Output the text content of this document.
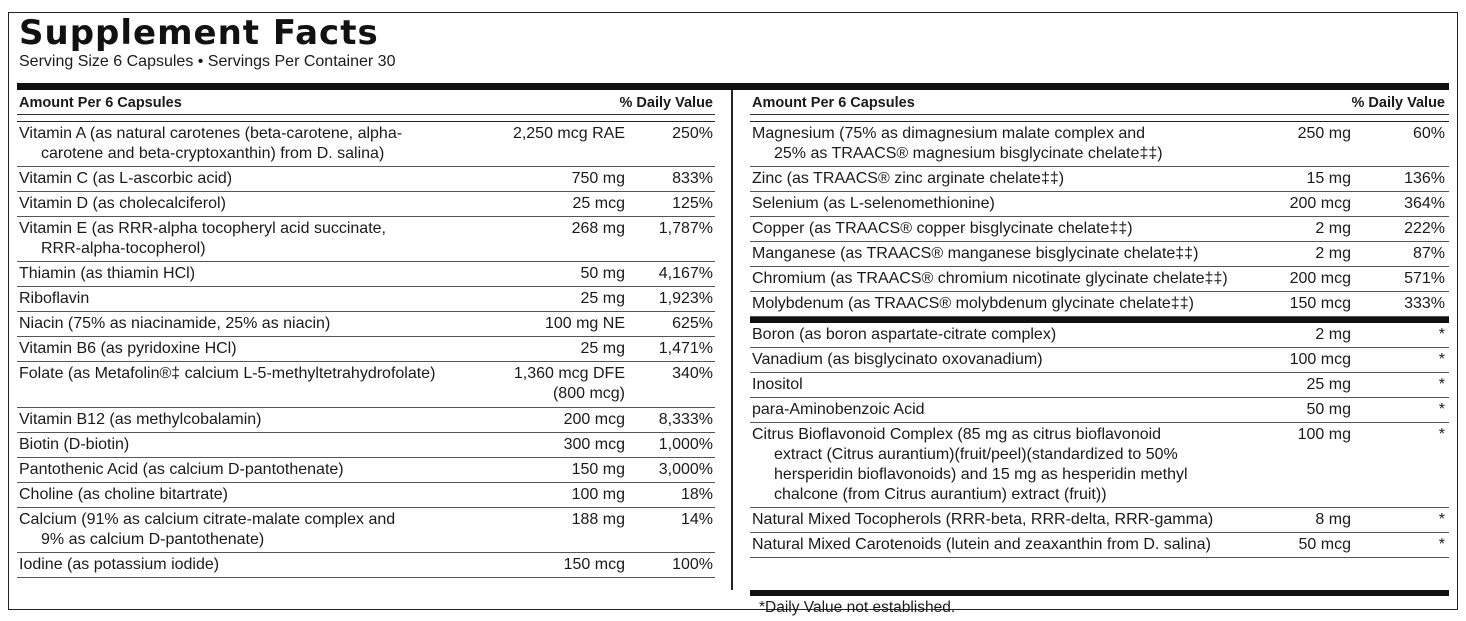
Supplement Facts
Serving Size 6 Capsules • Servings Per Container 30
Amount Per 6 Capsules	% Daily Value
Vitamin A (as natural carotenes (beta-carotene, alpha-
carotene and beta-cryptoxanthin) from D. salina)
2,250 mcg RAE	250%
Vitamin C (as L-ascorbic acid)	750 mg	833%
Vitamin D (as cholecalciferol)	25 mcg	125%
Vitamin E (as RRR-alpha tocopheryl acid succinate,
RRR-alpha-tocopherol)
268 mg 1,787%
Thiamin (as thiamin HCl)	50 mg 4,167%
Riboflavin	25 mg 1,923%
Niacin (75% as niacinamide, 25% as niacin)	100 mg NE	625%
Vitamin B6 (as pyridoxine HCl)	25 mg 1,471%
Folate (as Metafolin®‡ calcium L-5-methyltetrahydrofolate)	1,360 mcg DFE
(800 mcg)
340%
Vitamin B12 (as methylcobalamin)	200 mcg 8,333%
Biotin (D-biotin)	300 mcg 1,000%
Pantothenic Acid (as calcium D-pantothenate)	150 mg 3,000%
Choline (as choline bitartrate)	100 mg	18%
Calcium (91% as calcium citrate-malate complex and
9% as calcium D-pantothenate)
188 mg	14%
Iodine (as potassium iodide)	150 mcg	100%
Amount Per 6 Capsules	% Daily Value
Magnesium (75% as dimagnesium malate complex and
25% as TRAACS® magnesium bisglycinate chelate‡‡)
250 mg	60%
Zinc (as TRAACS® zinc arginate chelate‡‡)	15 mg	136%
Selenium (as L-selenomethionine)	200 mcg	364%
Copper (as TRAACS® copper bisglycinate chelate‡‡)	2 mg	222%
Manganese (as TRAACS® manganese bisglycinate chelate‡‡)	2 mg	87%
Chromium (as TRAACS® chromium nicotinate glycinate chelate‡‡)	200 mcg	571%
Molybdenum (as TRAACS® molybdenum glycinate chelate‡‡)	150 mcg	333%
Boron (as boron aspartate-citrate complex)	2 mg	*
Vanadium (as bisglycinato oxovanadium)	100 mcg	*
Inositol	25 mg	*
para-Aminobenzoic Acid	50 mg	*
Citrus Bioflavonoid Complex (85 mg as citrus bioflavonoid
extract (Citrus aurantium)(fruit/peel)(standardized to 50%
hersperidin bioflavonoids) and 15 mg as hesperidin methyl
chalcone (from Citrus aurantium) extract (fruit))
100 mg	*
Natural Mixed Tocopherols (RRR-beta, RRR-delta, RRR-gamma)	8 mg	*
Natural Mixed Carotenoids (lutein and zeaxanthin from D. salina)	50 mcg	*
*Daily Value not established.
